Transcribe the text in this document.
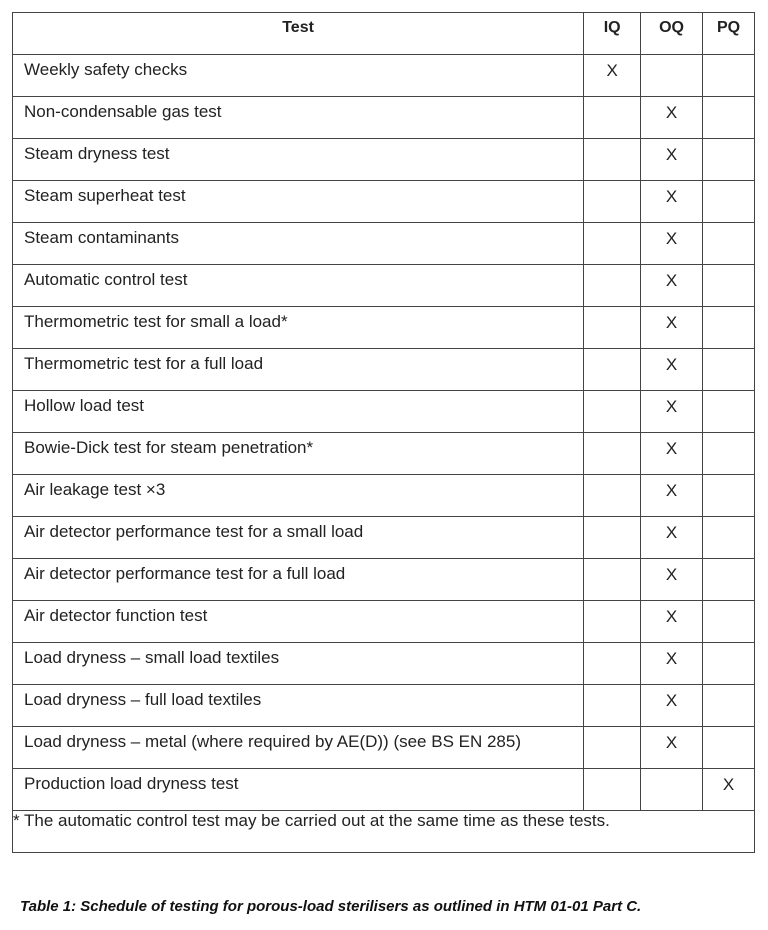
Test	IQ	OQ	PQ
Weekly safety checks	X		
Non-condensable gas test		X	
Steam dryness test		X	
Steam superheat test		X	
Steam contaminants		X	
Automatic control test		X	
Thermometric test for small a load*		X	
Thermometric test for a full load		X	
Hollow load test		X	
Bowie-Dick test for steam penetration*		X	
Air leakage test ×3		X	
Air detector performance test for a small load		X	
Air detector performance test for a full load		X	
Air detector function test		X	
Load dryness – small load textiles		X	
Load dryness – full load textiles		X	
Load dryness – metal (where required by AE(D)) (see BS EN 285)		X	
Production load dryness test			X
* The automatic control test may be carried out at the same time as these tests.			
Table 1: Schedule of testing for porous-load sterilisers as outlined in HTM 01-01 Part C.
